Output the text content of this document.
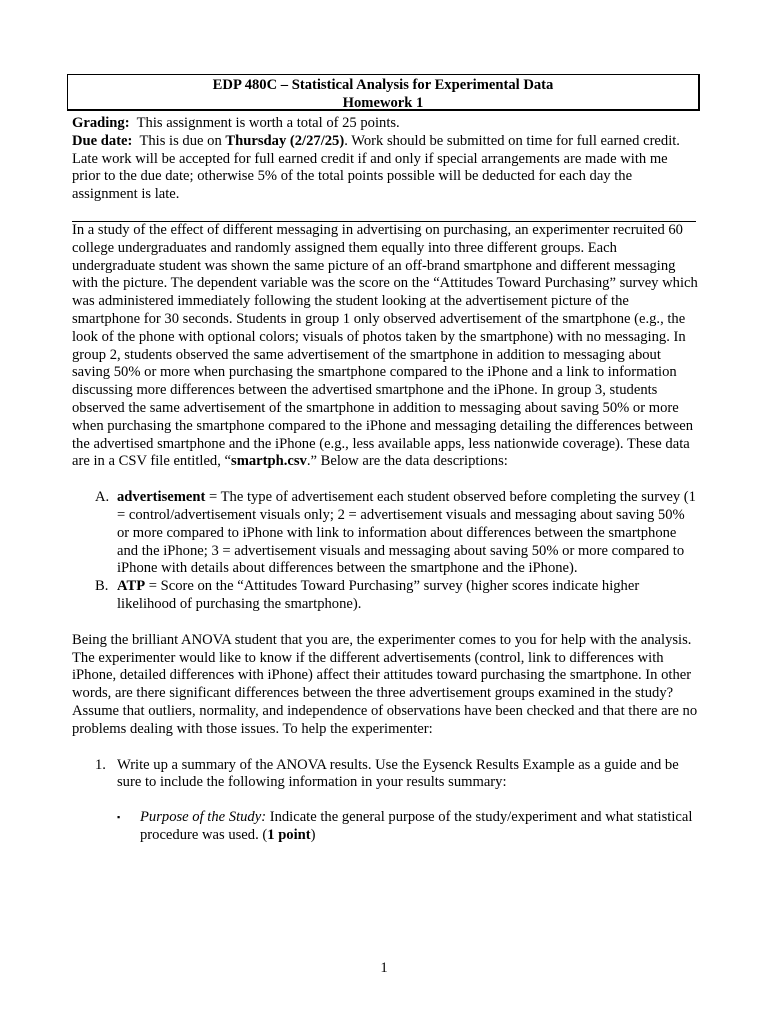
EDP 480C – Statistical Analysis for Experimental Data
Homework 1

Grading: This assignment is worth a total of 25 points.

Due date: This is due on Thursday (2/27/25). Work should be submitted on time for full earned credit. Late work will be accepted for full earned credit if and only if special arrangements are made with me prior to the due date; otherwise 5% of the total points possible will be deducted for each day the assignment is late.

In a study of the effect of different messaging in advertising on purchasing, an experimenter recruited 60 college undergraduates and randomly assigned them equally into three different groups. Each undergraduate student was shown the same picture of an off-brand smartphone and different messaging with the picture. The dependent variable was the score on the “Attitudes Toward Purchasing” survey which was administered immediately following the student looking at the advertisement picture of the smartphone for 30 seconds. Students in group 1 only observed advertisement of the smartphone (e.g., the look of the phone with optional colors; visuals of photos taken by the smartphone) with no messaging. In group 2, students observed the same advertisement of the smartphone in addition to messaging about saving 50% or more when purchasing the smartphone compared to the iPhone and a link to information discussing more differences between the advertised smartphone and the iPhone. In group 3, students observed the same advertisement of the smartphone in addition to messaging about saving 50% or more when purchasing the smartphone compared to the iPhone and messaging detailing the differences between the advertised smartphone and the iPhone (e.g., less available apps, less nationwide coverage). These data are in a CSV file entitled, “smartph.csv.” Below are the data descriptions:

A. advertisement = The type of advertisement each student observed before completing the survey (1 = control/advertisement visuals only; 2 = advertisement visuals and messaging about saving 50% or more compared to iPhone with link to information about differences between the smartphone and the iPhone; 3 = advertisement visuals and messaging about saving 50% or more compared to iPhone with details about differences between the smartphone and the iPhone).
B. ATP = Score on the “Attitudes Toward Purchasing” survey (higher scores indicate higher likelihood of purchasing the smartphone).

Being the brilliant ANOVA student that you are, the experimenter comes to you for help with the analysis. The experimenter would like to know if the different advertisements (control, link to differences with iPhone, detailed differences with iPhone) affect their attitudes toward purchasing the smartphone. In other words, are there significant differences between the three advertisement groups examined in the study? Assume that outliers, normality, and independence of observations have been checked and that there are no problems dealing with those issues. To help the experimenter:

1. Write up a summary of the ANOVA results. Use the Eysenck Results Example as a guide and be sure to include the following information in your results summary:
▪ Purpose of the Study: Indicate the general purpose of the study/experiment and what statistical procedure was used. (1 point)
1
